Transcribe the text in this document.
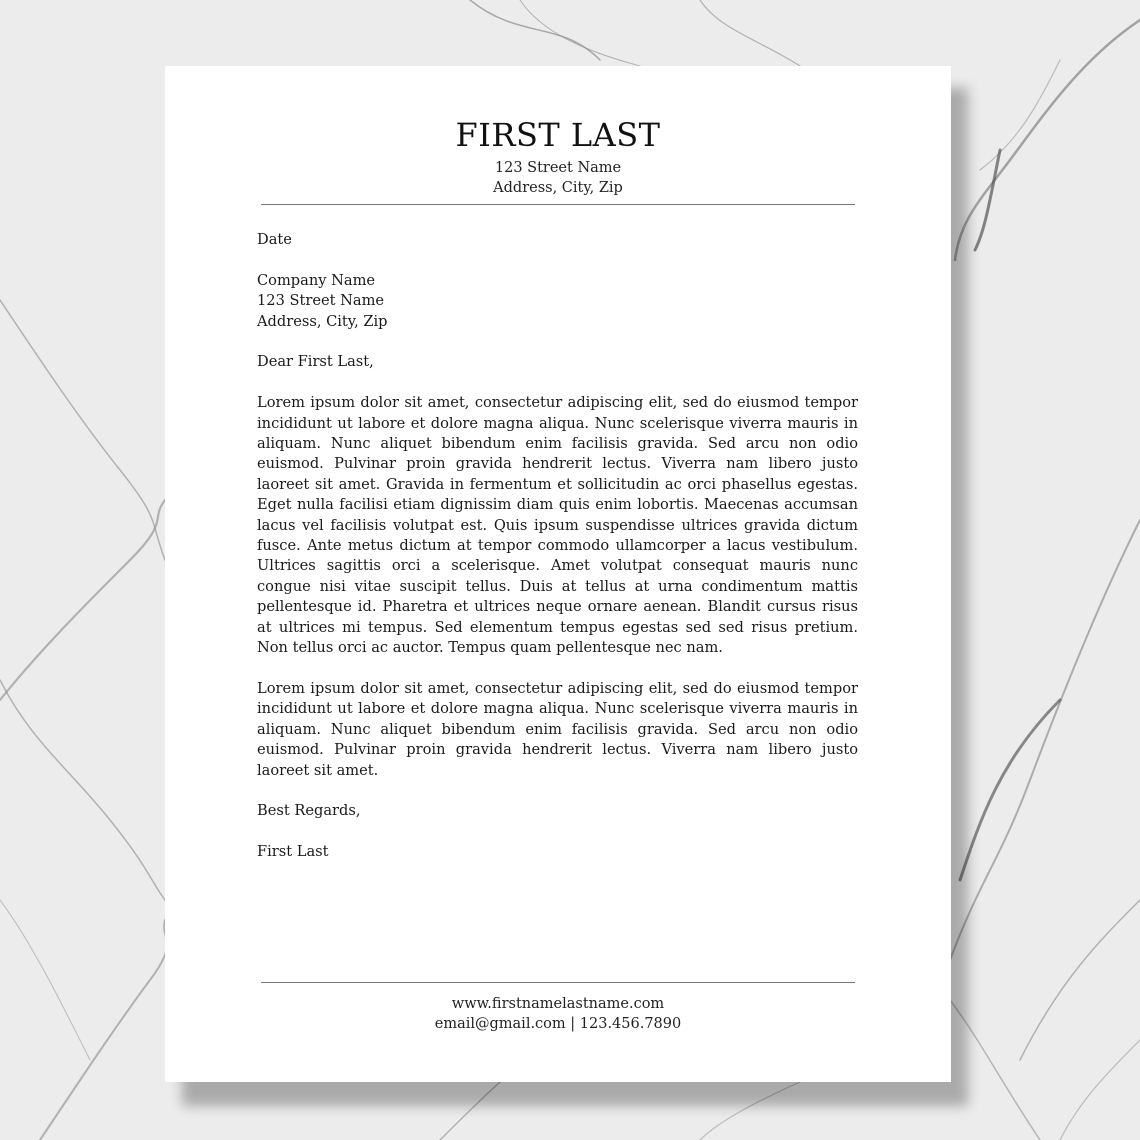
FIRST LAST
123 Street Name
Address, City, Zip

Date

Company Name

123 Street Name

Address, City, Zip

Dear First Last,

Lorem ipsum dolor sit amet, consectetur adipiscing elit, sed do eiusmod tempor incididunt ut labore et dolore magna aliqua. Nunc scelerisque viverra mauris in aliquam. Nunc aliquet bibendum enim facilisis gravida. Sed arcu non odio euismod. Pulvinar proin gravida hendrerit lectus. Viverra nam libero justo laoreet sit amet. Gravida in fermentum et sollicitudin ac orci phasellus egestas. Eget nulla facilisi etiam dignissim diam quis enim lobortis. Maecenas accumsan lacus vel facilisis volutpat est. Quis ipsum suspendisse ultrices gravida dictum fusce. Ante metus dictum at tempor commodo ullamcorper a lacus vestibulum. Ultrices sagittis orci a scelerisque. Amet volutpat consequat mauris nunc congue nisi vitae suscipit tellus. Duis at tellus at urna condimentum mattis pellentesque id. Pharetra et ultrices neque ornare aenean. Blandit cursus risus at ultrices mi tempus. Sed elementum tempus egestas sed sed risus pretium. Non tellus orci ac auctor. Tempus quam pellentesque nec nam.

Lorem ipsum dolor sit amet, consectetur adipiscing elit, sed do eiusmod tempor incididunt ut labore et dolore magna aliqua. Nunc scelerisque viverra mauris in aliquam. Nunc aliquet bibendum enim facilisis gravida. Sed arcu non odio euismod. Pulvinar proin gravida hendrerit lectus. Viverra nam libero justo laoreet sit amet.

Best Regards,

First Last

www.firstnamelastname.com
email@gmail.com | 123.456.7890
